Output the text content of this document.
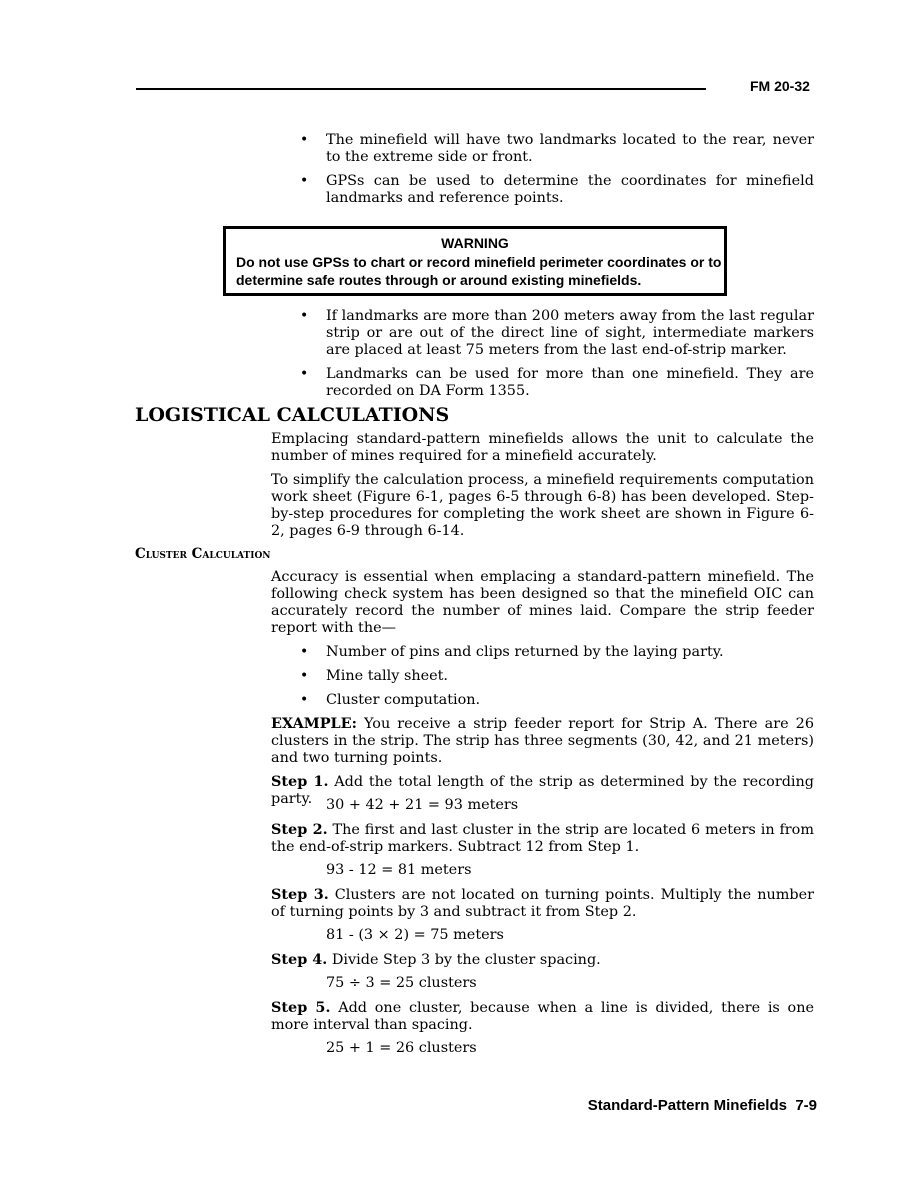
FM 20-32
• The minefield will have two landmarks located to the rear, never to the extreme side or front.

• GPSs can be used to determine the coordinates for minefield landmarks and reference points.

WARNING
Do not use GPSs to chart or record minefield perimeter coordinates or to determine safe routes through or around existing minefields.
• If landmarks are more than 200 meters away from the last regular strip or are out of the direct line of sight, intermediate markers are placed at least 75 meters from the last end-of-strip marker.

• Landmarks can be used for more than one minefield. They are recorded on DA Form 1355.

LOGISTICAL CALCULATIONS

Emplacing standard-pattern minefields allows the unit to calculate the number of mines required for a minefield accurately.

To simplify the calculation process, a minefield requirements computation work sheet (Figure 6-1, pages 6-5 through 6-8) has been developed. Step-by-step procedures for completing the work sheet are shown in Figure 6-2, pages 6-9 through 6-14.

Cluster Calculation

Accuracy is essential when emplacing a standard-pattern minefield. The following check system has been designed so that the minefield OIC can accurately record the number of mines laid. Compare the strip feeder report with the—

• Number of pins and clips returned by the laying party.

• Mine tally sheet.

• Cluster computation.

EXAMPLE: You receive a strip feeder report for Strip A. There are 26 clusters in the strip. The strip has three segments (30, 42, and 21 meters) and two turning points.

Step 1. Add the total length of the strip as determined by the recording party. 30 + 42 + 21 = 93 meters

Step 2. The first and last cluster in the strip are located 6 meters in from the end-of-strip markers. Subtract 12 from Step 1.

93 - 12 = 81 meters

Step 3. Clusters are not located on turning points. Multiply the number of turning points by 3 and subtract it from Step 2.

81 - (3 × 2) = 75 meters

Step 4. Divide Step 3 by the cluster spacing.

75 ÷ 3 = 25 clusters

Step 5. Add one cluster, because when a line is divided, there is one more interval than spacing.

25 + 1 = 26 clusters
Standard-Pattern Minefields  7-9
